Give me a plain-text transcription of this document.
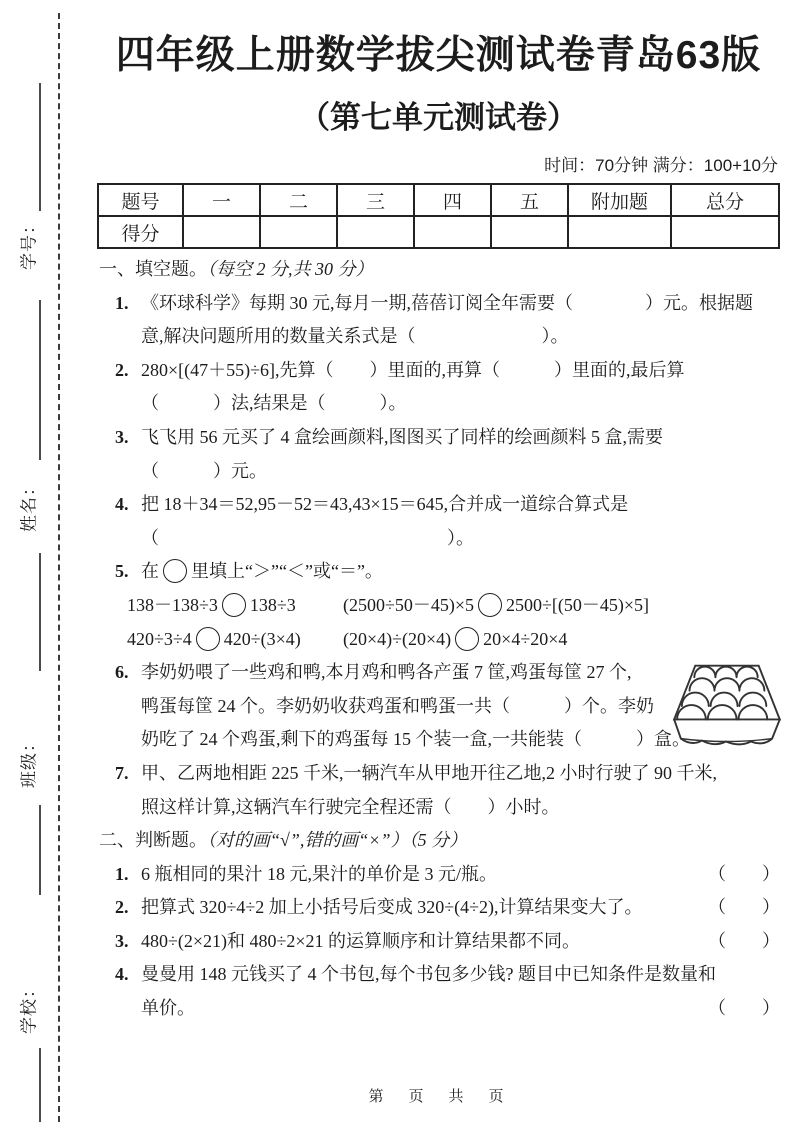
学号：
姓名：
班级：
学校：
四年级上册数学拔尖测试卷青岛63版
（第七单元测试卷）
时间：70分钟 满分：100+10分
题号	一	二	三	四	五	附加题	总分
得分							
一、填空题。（每空 2 分,共 30 分）
1. 《环球科学》每期 30 元,每月一期,蓓蓓订阅全年需要（　　　　）元。根据题
意,解决问题所用的数量关系式是（　　　　　　　）。
2. 280×[(47＋55)÷6],先算（　　）里面的,再算（　　　）里面的,最后算
（　　　）法,结果是（　　　）。
3. 飞飞用 56 元买了 4 盒绘画颜料,图图买了同样的绘画颜料 5 盒,需要
（　　　）元。
4. 把 18＋34＝52,95－52＝43,43×15＝645,合并成一道综合算式是
（　　　　　　　　　　　　　　　　）。
5. 在 里填上“＞”“＜”或“＝”。
138－138÷3 138÷3	(2500÷50－45)×5 2500÷[(50－45)×5]
420÷3÷4 420÷(3×4)	(20×4)÷(20×4) 20×4÷20×4
6. 李奶奶喂了一些鸡和鸭,本月鸡和鸭各产蛋 7 筐,鸡蛋每筐 27 个,
鸭蛋每筐 24 个。李奶奶收获鸡蛋和鸭蛋一共（　　　）个。李奶
奶吃了 24 个鸡蛋,剩下的鸡蛋每 15 个装一盒,一共能装（　　　）盒。
7. 甲、乙两地相距 225 千米,一辆汽车从甲地开往乙地,2 小时行驶了 90 千米,
照这样计算,这辆汽车行驶完全程还需（　　）小时。
二、判断题。（对的画“√”,错的画“×”）（5 分）
1. 6 瓶相同的果汁 18 元,果汁的单价是 3 元/瓶。	（　　）
2. 把算式 320÷4÷2 加上小括号后变成 320÷(4÷2),计算结果变大了。	（　　）
3. 480÷(2×21)和 480÷2×21 的运算顺序和计算结果都不同。	（　　）
4. 曼曼用 148 元钱买了 4 个书包,每个书包多少钱? 题目中已知条件是数量和
单价。	（　　）
第　页　共　页
